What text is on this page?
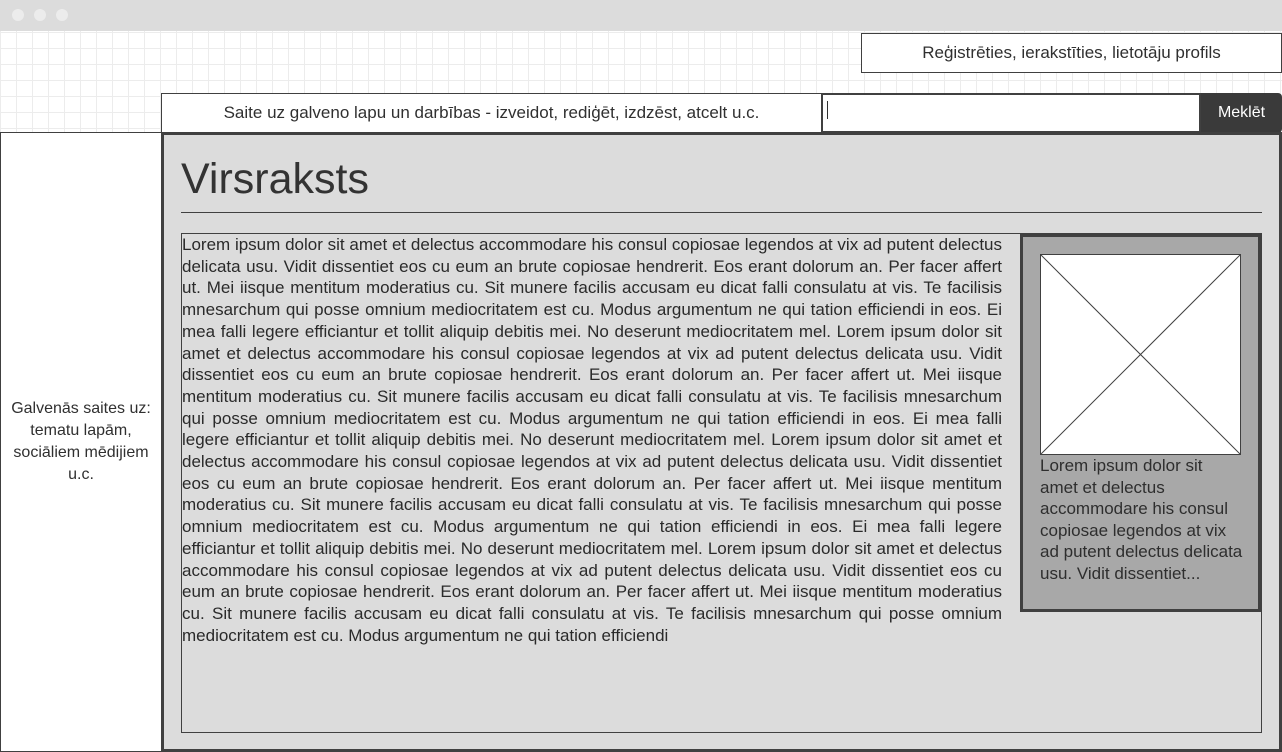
Reģistrēties, ierakstīties, lietotāju profils
Saite uz galveno lapu un darbības - izveidot, rediģēt, izdzēst, atcelt u.c.	Meklēt
Galvenās saites uz: tematu lapām, sociāliem mēdijiem u.c.
Virsraksts

Lorem ipsum dolor sit amet et delectus accommodare his consul copiosae legendos at vix ad putent delectus delicata usu. Vidit dissentiet eos cu eum an brute copiosae hendrerit. Eos erant dolorum an. Per facer affert ut. Mei iisque mentitum moderatius cu. Sit munere facilis accusam eu dicat falli consulatu at vis. Te facilisis mnesarchum qui posse omnium mediocritatem est cu. Modus argumentum ne qui tation efficiendi in eos. Ei mea falli legere efficiantur et tollit aliquip debitis mei. No deserunt mediocritatem mel. Lorem ipsum dolor sit amet et delectus accommodare his consul copiosae legendos at vix ad putent delectus delicata usu. Vidit dissentiet eos cu eum an brute copiosae hendrerit. Eos erant dolorum an. Per facer affert ut. Mei iisque mentitum moderatius cu. Sit munere facilis accusam eu dicat falli consulatu at vis. Te facilisis mnesarchum qui posse omnium mediocritatem est cu. Modus argumentum ne qui tation efficiendi in eos. Ei mea falli legere efficiantur et tollit aliquip debitis mei. No deserunt mediocritatem mel. Lorem ipsum dolor sit amet et delectus accommodare his consul copiosae legendos at vix ad putent delectus delicata usu. Vidit dissentiet eos cu eum an brute copiosae hendrerit. Eos erant dolorum an. Per facer affert ut. Mei iisque mentitum moderatius cu. Sit munere facilis accusam eu dicat falli consulatu at vis. Te facilisis mnesarchum qui posse omnium mediocritatem est cu. Modus argumentum ne qui tation efficiendi in eos. Ei mea falli legere efficiantur et tollit aliquip debitis mei. No deserunt mediocritatem mel. Lorem ipsum dolor sit amet et delectus accommodare his consul copiosae legendos at vix ad putent delectus delicata usu. Vidit dissentiet eos cu eum an brute copiosae hendrerit. Eos erant dolorum an. Per facer affert ut. Mei iisque mentitum moderatius cu. Sit munere facilis accusam eu dicat falli consulatu at vis. Te facilisis mnesarchum qui posse omnium mediocritatem est cu. Modus argumentum ne qui tation efficiendi

Lorem ipsum dolor sit amet et delectus accommodare his consul copiosae legendos at vix ad putent delectus delicata usu. Vidit dissentiet...
